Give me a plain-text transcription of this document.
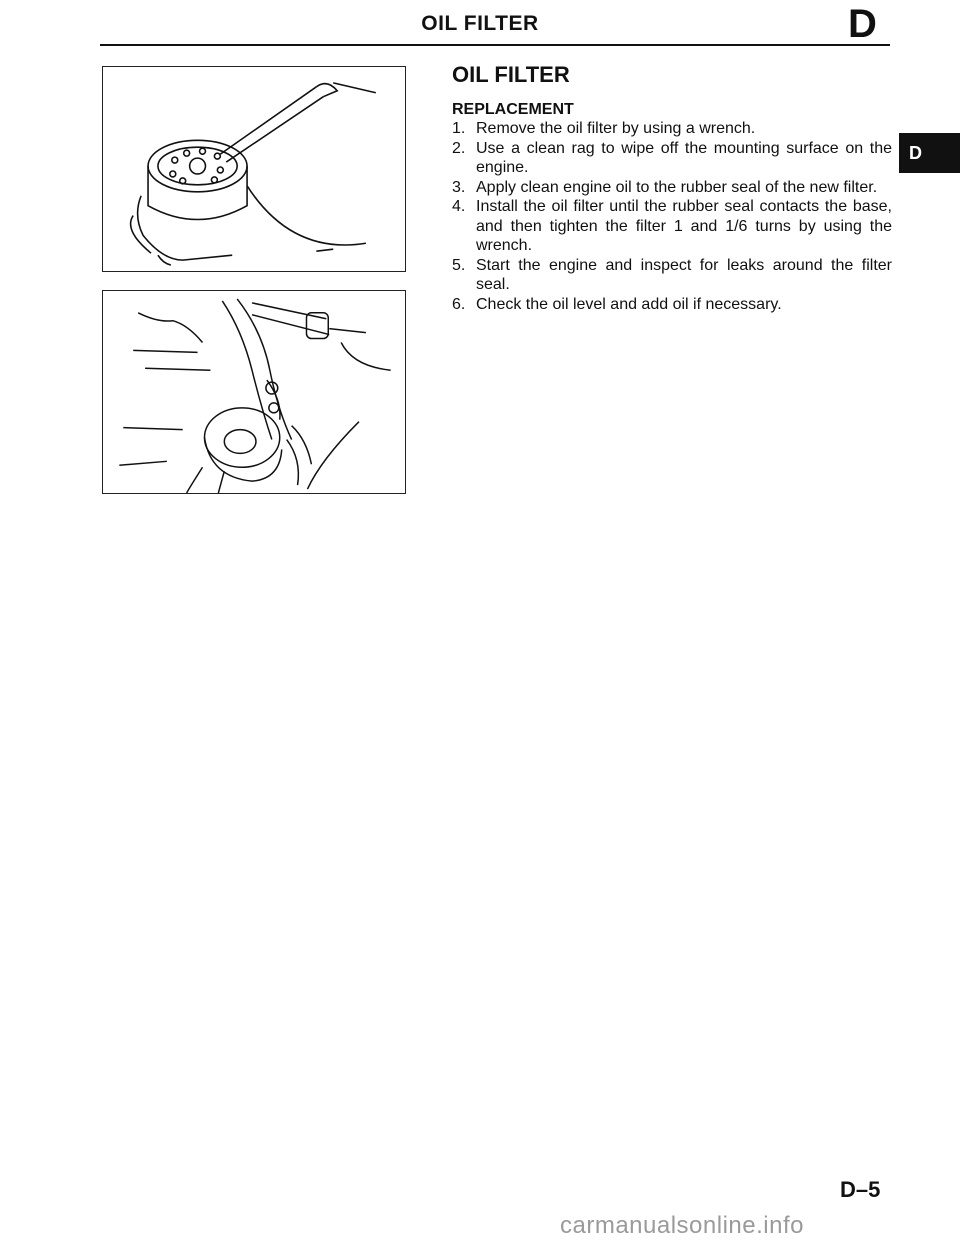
OIL FILTER	D
OIL FILTER
REPLACEMENT
1. Remove the oil filter by using a wrench.
2. Use a clean rag to wipe off the mounting surface on the engine.
3. Apply clean engine oil to the rubber seal of the new filter.
4. Install the oil filter until the rubber seal contacts the base, and then tighten the filter 1 and 1/6 turns by using the wrench.
5. Start the engine and inspect for leaks around the filter seal.
6. Check the oil level and add oil if necessary.
D
D–5
carmanualsonline.info
